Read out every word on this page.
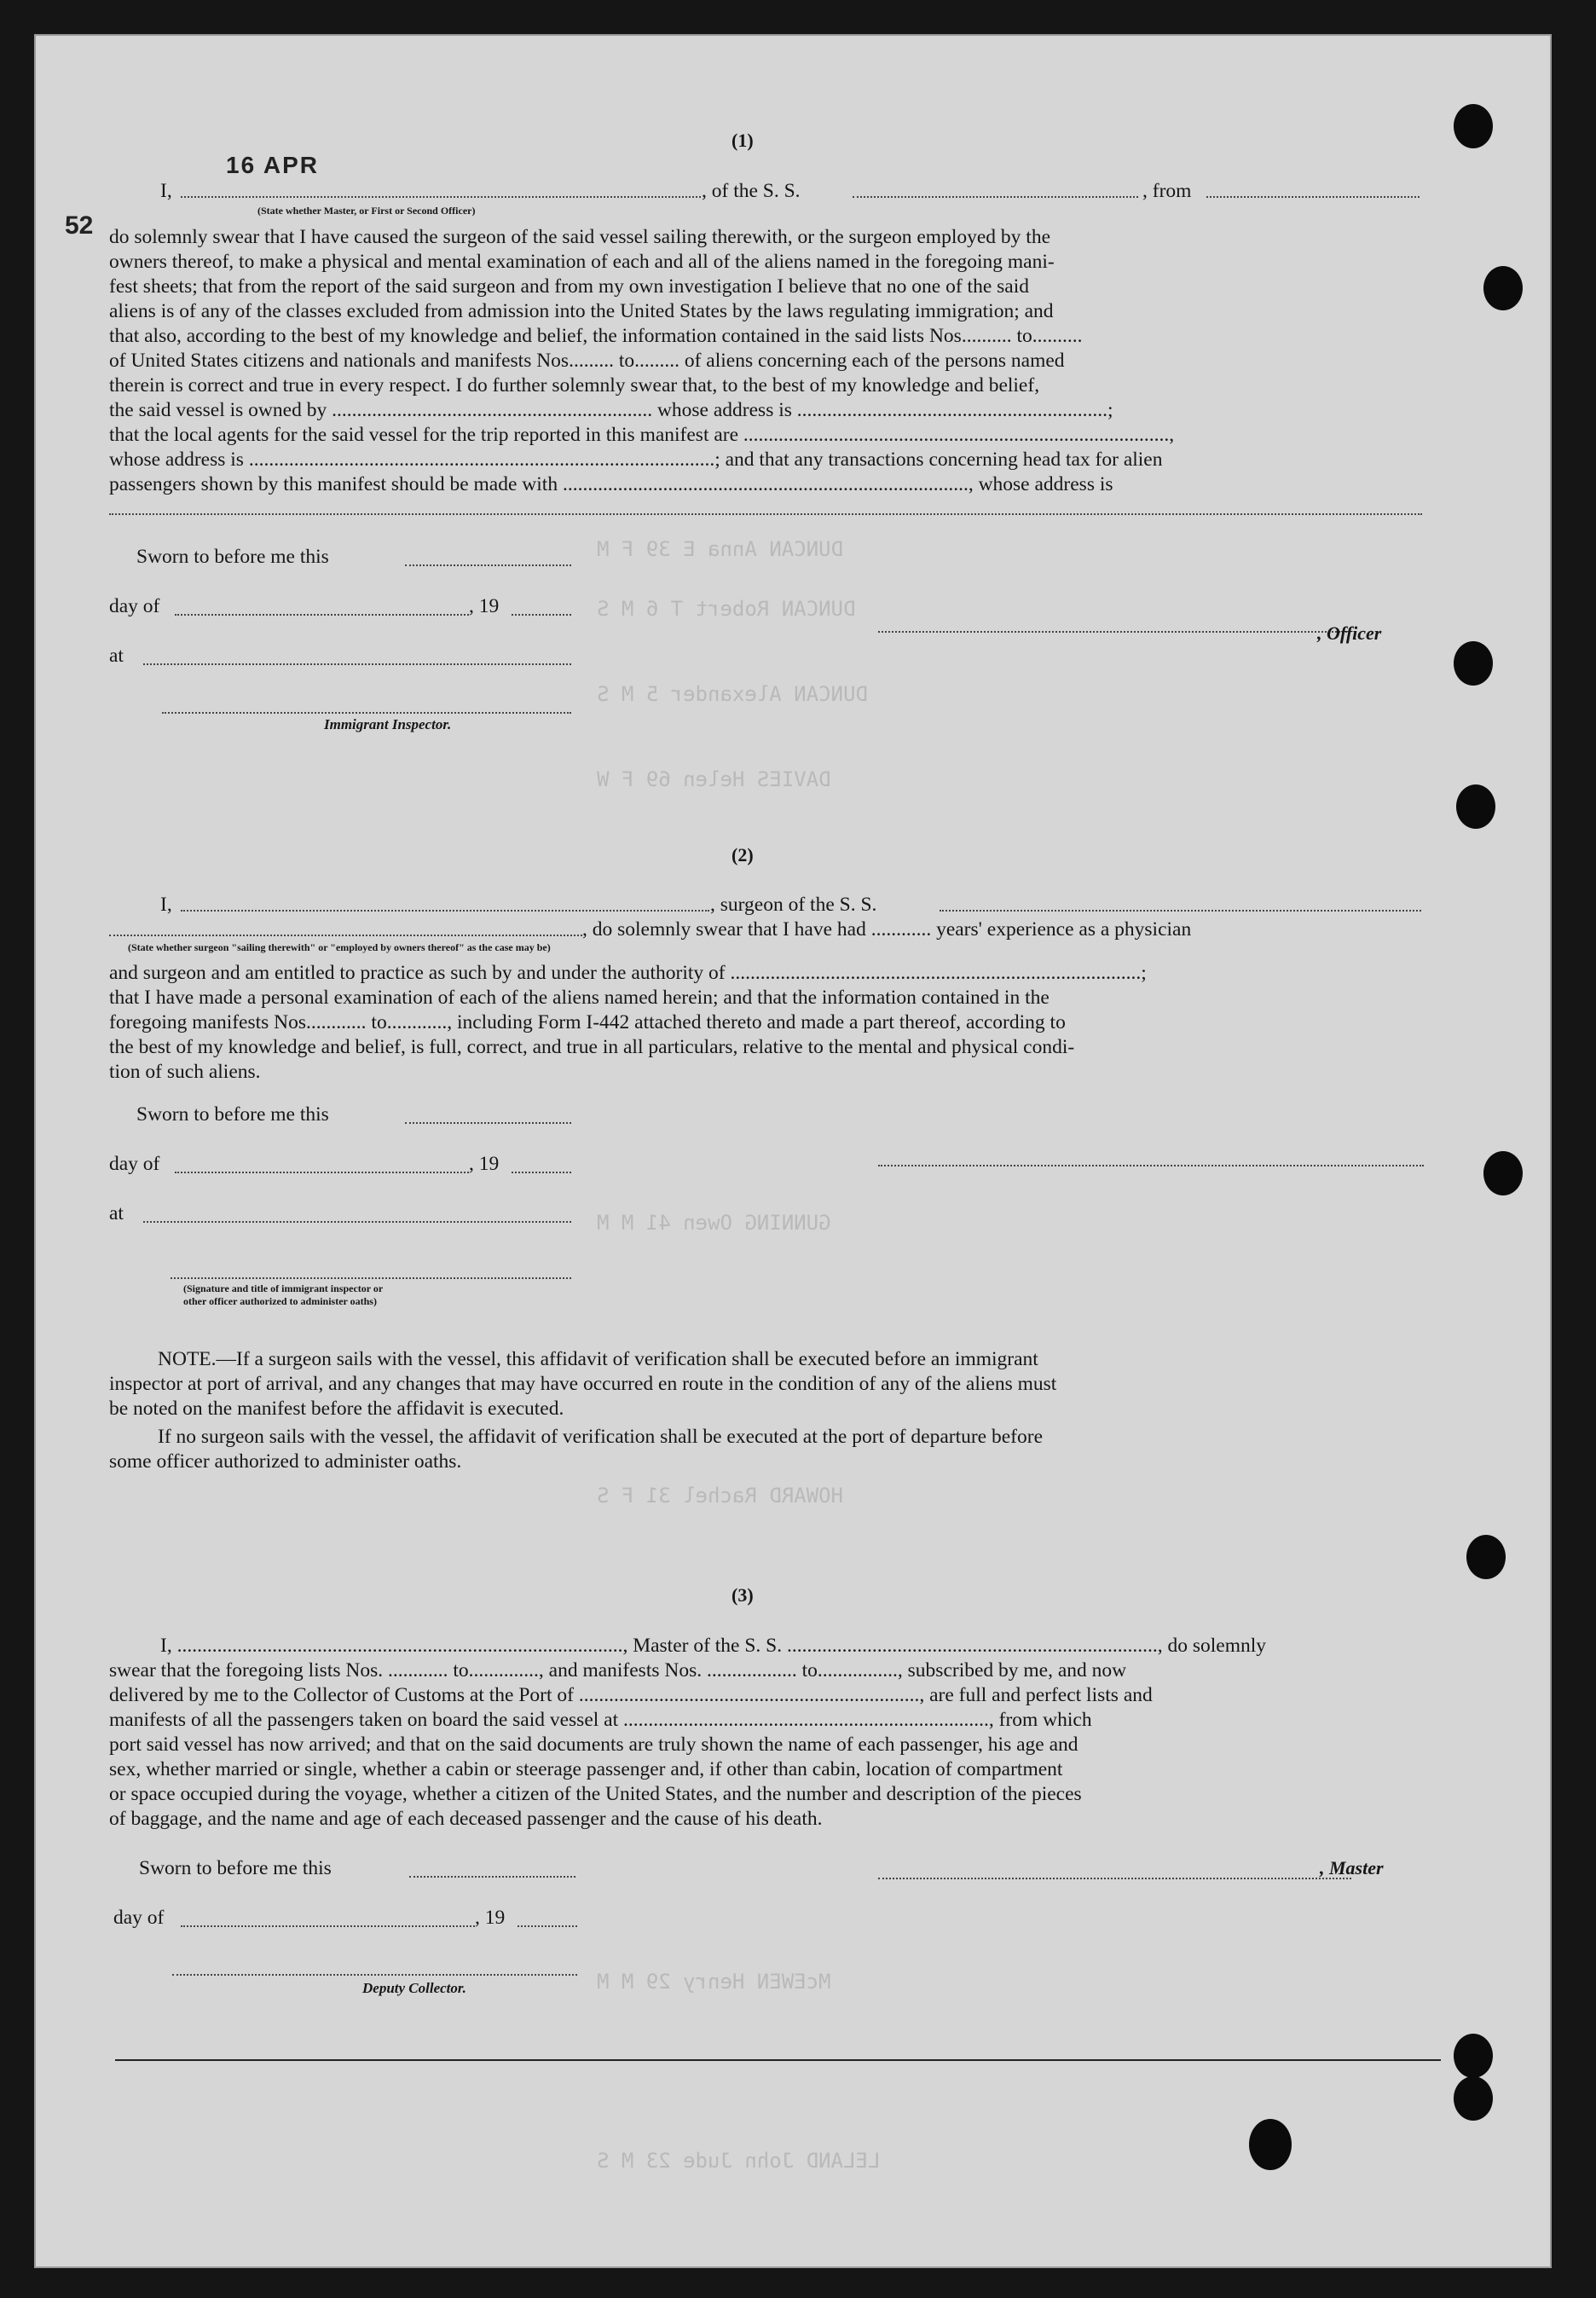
DUNCAN Anna E 39 F M
DUNCAN Robert T 6 M S
DUNCAN Alexander 5 M S
DAVIES Helen 69 F W
GUNNING Owen 41 M M
HOWARD Rachel 31 F S
McEWEN Henry 29 M M
LELAND John Jude 23 M S
16 APR
52
(1)
I,	, of the S. S.	, from
(State whether Master, or First or Second Officer)
do solemnly swear that I have caused the surgeon of the said vessel sailing therewith, or the surgeon employed by the
owners thereof, to make a physical and mental examination of each and all of the aliens named in the foregoing mani-
fest sheets; that from the report of the said surgeon and from my own investigation I believe that no one of the said
aliens is of any of the classes excluded from admission into the United States by the laws regulating immigration; and
that also, according to the best of my knowledge and belief, the information contained in the said lists Nos.......... to..........
of United States citizens and nationals and manifests Nos......... to......... of aliens concerning each of the persons named
therein is correct and true in every respect. I do further solemnly swear that, to the best of my knowledge and belief,
the said vessel is owned by ................................................................ whose address is ..............................................................;
that the local agents for the said vessel for the trip reported in this manifest are .....................................................................................,
whose address is .............................................................................................; and that any transactions concerning head tax for alien
passengers shown by this manifest should be made with ................................................................................., whose address is
Sworn to before me this
day of	, 19
at
Immigrant Inspector.
, Officer
(2)
I,	, surgeon of the S. S.
, do solemnly swear that I have had ............ years' experience as a physician
(State whether surgeon "sailing therewith" or "employed by owners thereof" as the case may be)
and surgeon and am entitled to practice as such by and under the authority of ..................................................................................;
that I have made a personal examination of each of the aliens named herein; and that the information contained in the
foregoing manifests Nos............ to............, including Form I-442 attached thereto and made a part thereof, according to
the best of my knowledge and belief, is full, correct, and true in all particulars, relative to the mental and physical condi-
tion of such aliens.
Sworn to before me this
day of	, 19
at
(Signature and title of immigrant inspector or
other officer authorized to administer oaths)
NOTE.—If a surgeon sails with the vessel, this affidavit of verification shall be executed before an immigrant
inspector at port of arrival, and any changes that may have occurred en route in the condition of any of the aliens must
be noted on the manifest before the affidavit is executed.
If no surgeon sails with the vessel, the affidavit of verification shall be executed at the port of departure before
some officer authorized to administer oaths.
(3)
I, ........................................................................................., Master of the S. S. .........................................................................., do solemnly
swear that the foregoing lists Nos. ............ to.............., and manifests Nos. .................. to................, subscribed by me, and now
delivered by me to the Collector of Customs at the Port of ...................................................................., are full and perfect lists and
manifests of all the passengers taken on board the said vessel at ........................................................................., from which
port said vessel has now arrived; and that on the said documents are truly shown the name of each passenger, his age and
sex, whether married or single, whether a cabin or steerage passenger and, if other than cabin, location of compartment
or space occupied during the voyage, whether a citizen of the United States, and the number and description of the pieces
of baggage, and the name and age of each deceased passenger and the cause of his death.
Sworn to before me this	, Master
day of	, 19
Deputy Collector.
